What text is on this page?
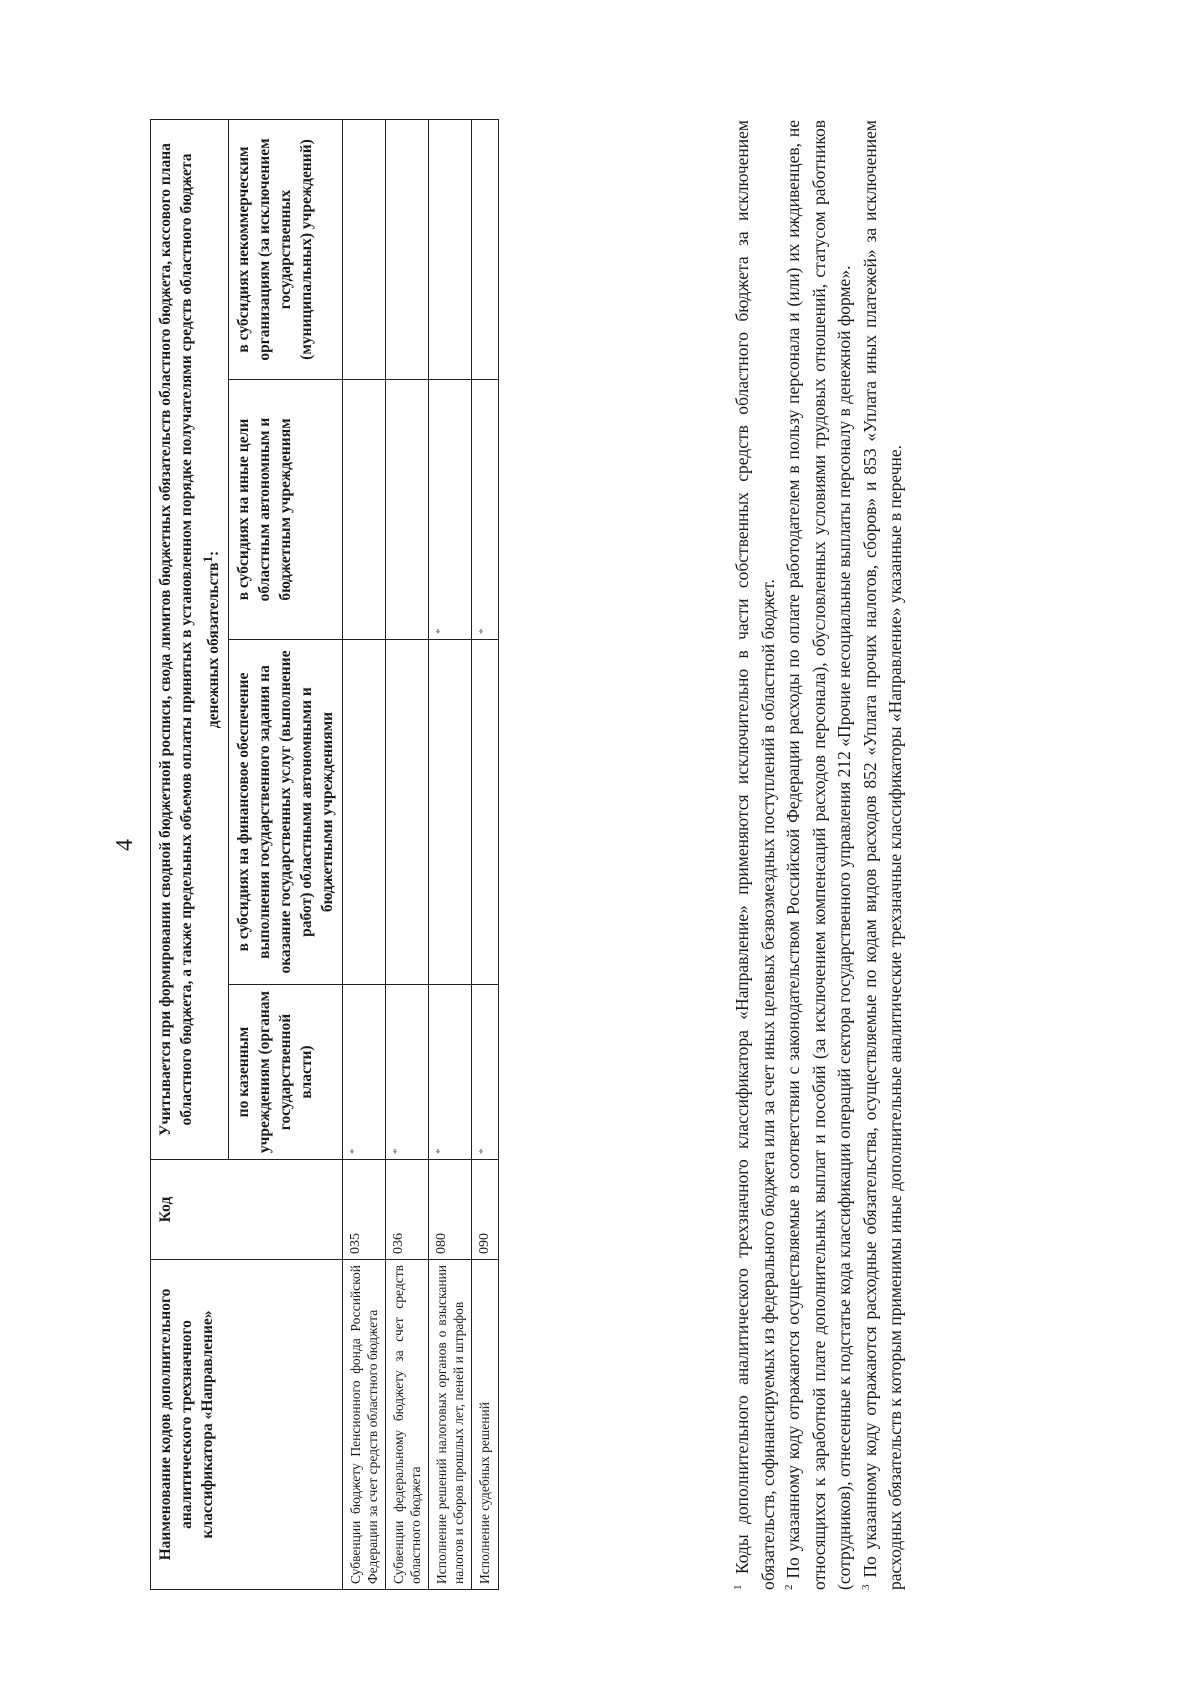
4
Наименование кодов дополнительного аналитического трехзначного классификатора «Направление»	Код	Учитывается при формировании сводной бюджетной росписи, свода лимитов бюджетных обязательств областного бюджета, кассового плана областного бюджета, а также предельных объемов оплаты принятых в установленном порядке получателями средств областного бюджета денежных обязательств$^1$:			
		по казенным учреждениям (органам государственной власти)	в субсидиях на финансовое обеспечение выполнения государственного задания на оказание государственных услуг (выполнение работ) областными автономными и бюджетными учреждениями	в субсидиях на иные цели областным автономным и бюджетным учреждениям	в субсидиях некоммерческим организациям (за исключением государственных (муниципальных) учреждений)
Субвенции бюджету Пенсионного фонда Российской Федерации за счет средств областного бюджета	035	*			
Субвенции федеральному бюджету за счет средств областного бюджета	036	*			
Исполнение решений налоговых органов о взыскании налогов и сборов прошлых лет, пеней и штрафов	080	*		*	
Исполнение судебных решений	090	*		*	

$^1$ Коды дополнительного аналитического трехзначного классификатора «Направление» применяются исключительно в части собственных средств областного бюджета за исключением обязательств, софинансируемых из федерального бюджета или за счет иных целевых безвозмездных поступлений в областной бюджет. $^2$ По указанному коду отражаются осуществляемые в соответствии с законодательством Российской Федерации расходы по оплате работодателем в пользу персонала и (или) их иждивенцев, не относящихся к заработной плате дополнительных выплат и пособий (за исключением компенсаций расходов персонала), обусловленных условиями трудовых отношений, статусом работников (сотрудников), отнесенные к подстатье кода классификации операций сектора государственного управления 212 «Прочие несоциальные выплаты персоналу в денежной форме». $^3$ По указанному коду отражаются расходные обязательства, осуществляемые по кодам видов расходов 852 «Уплата прочих налогов, сборов» и 853 «Уплата иных платежей» за исключением расходных обязательств к которым применимы иные дополнительные аналитические трехзначные классификаторы «Направление» указанные в перечне.
